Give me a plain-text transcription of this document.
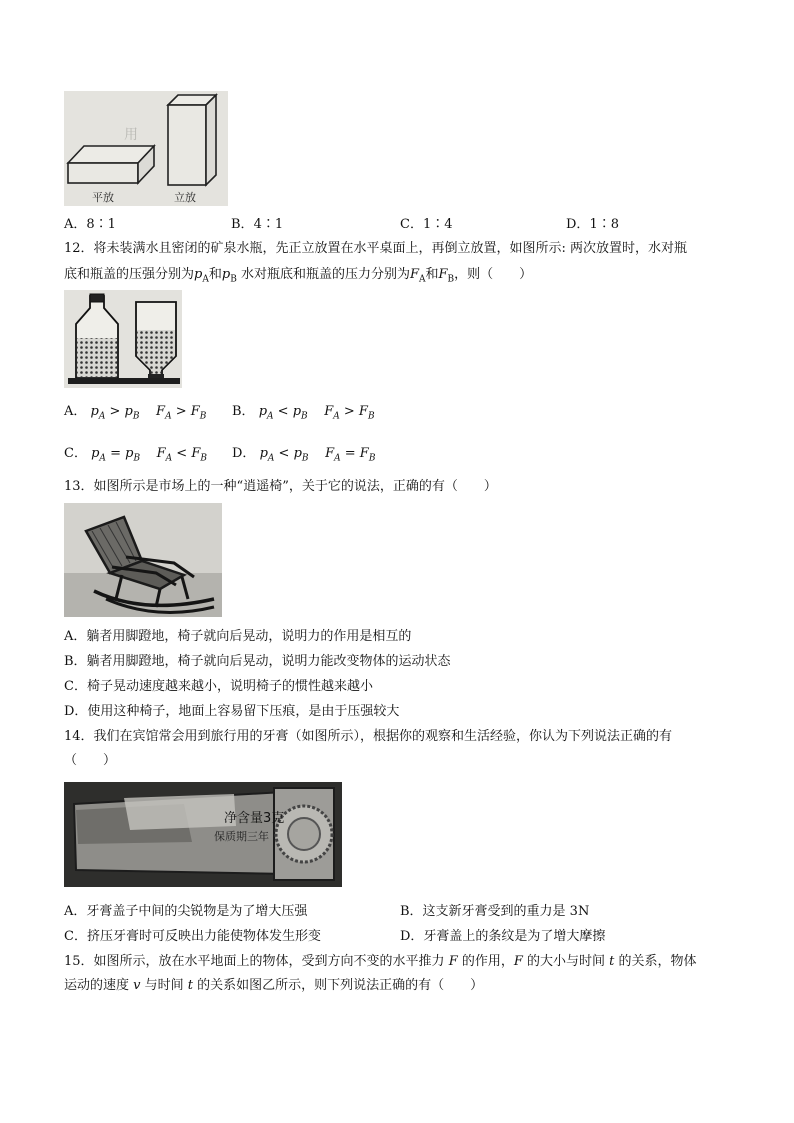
用
平放	立放
A．8∶1	B．4∶1	C．1∶4	D．1∶8
12．将未装满水且密闭的矿泉水瓶，先正立放置在水平桌面上，再倒立放置，如图所示: 两次放置时，水对瓶
底和瓶盖的压强分别为$p_A$和$p_B$ 水对瓶底和瓶盖的压力分别为$F_A$和$F_B$，则（　　）
A． $p_A > p_B$ $F_A > F_B$ B． $p_A < p_B$ $F_A > F_B$
C． $p_A = p_B$ $F_A < F_B$ D． $p_A < p_B$ $F_A = F_B$
13．如图所示是市场上的一种“逍遥椅”，关于它的说法，正确的有（　　）
A．躺者用脚蹬地，椅子就向后晃动，说明力的作用是相互的
B．躺者用脚蹬地，椅子就向后晃动，说明力能改变物体的运动状态
C．椅子晃动速度越来越小，说明椅子的惯性越来越小
D．使用这种椅子，地面上容易留下压痕，是由于压强较大
14．我们在宾馆常会用到旅行用的牙膏（如图所示），根据你的观察和生活经验，你认为下列说法正确的有
（　　）
净含量3克
保质期三年
A．牙膏盖子中间的尖锐物是为了增大压强	B．这支新牙膏受到的重力是 3N
C．挤压牙膏时可反映出力能使物体发生形变	D．牙膏盖上的条纹是为了增大摩擦
15．如图所示，放在水平地面上的物体，受到方向不变的水平推力 F 的作用，F 的大小与时间 t 的关系，物体
运动的速度 v 与时间 t 的关系如图乙所示，则下列说法正确的有（　　）
